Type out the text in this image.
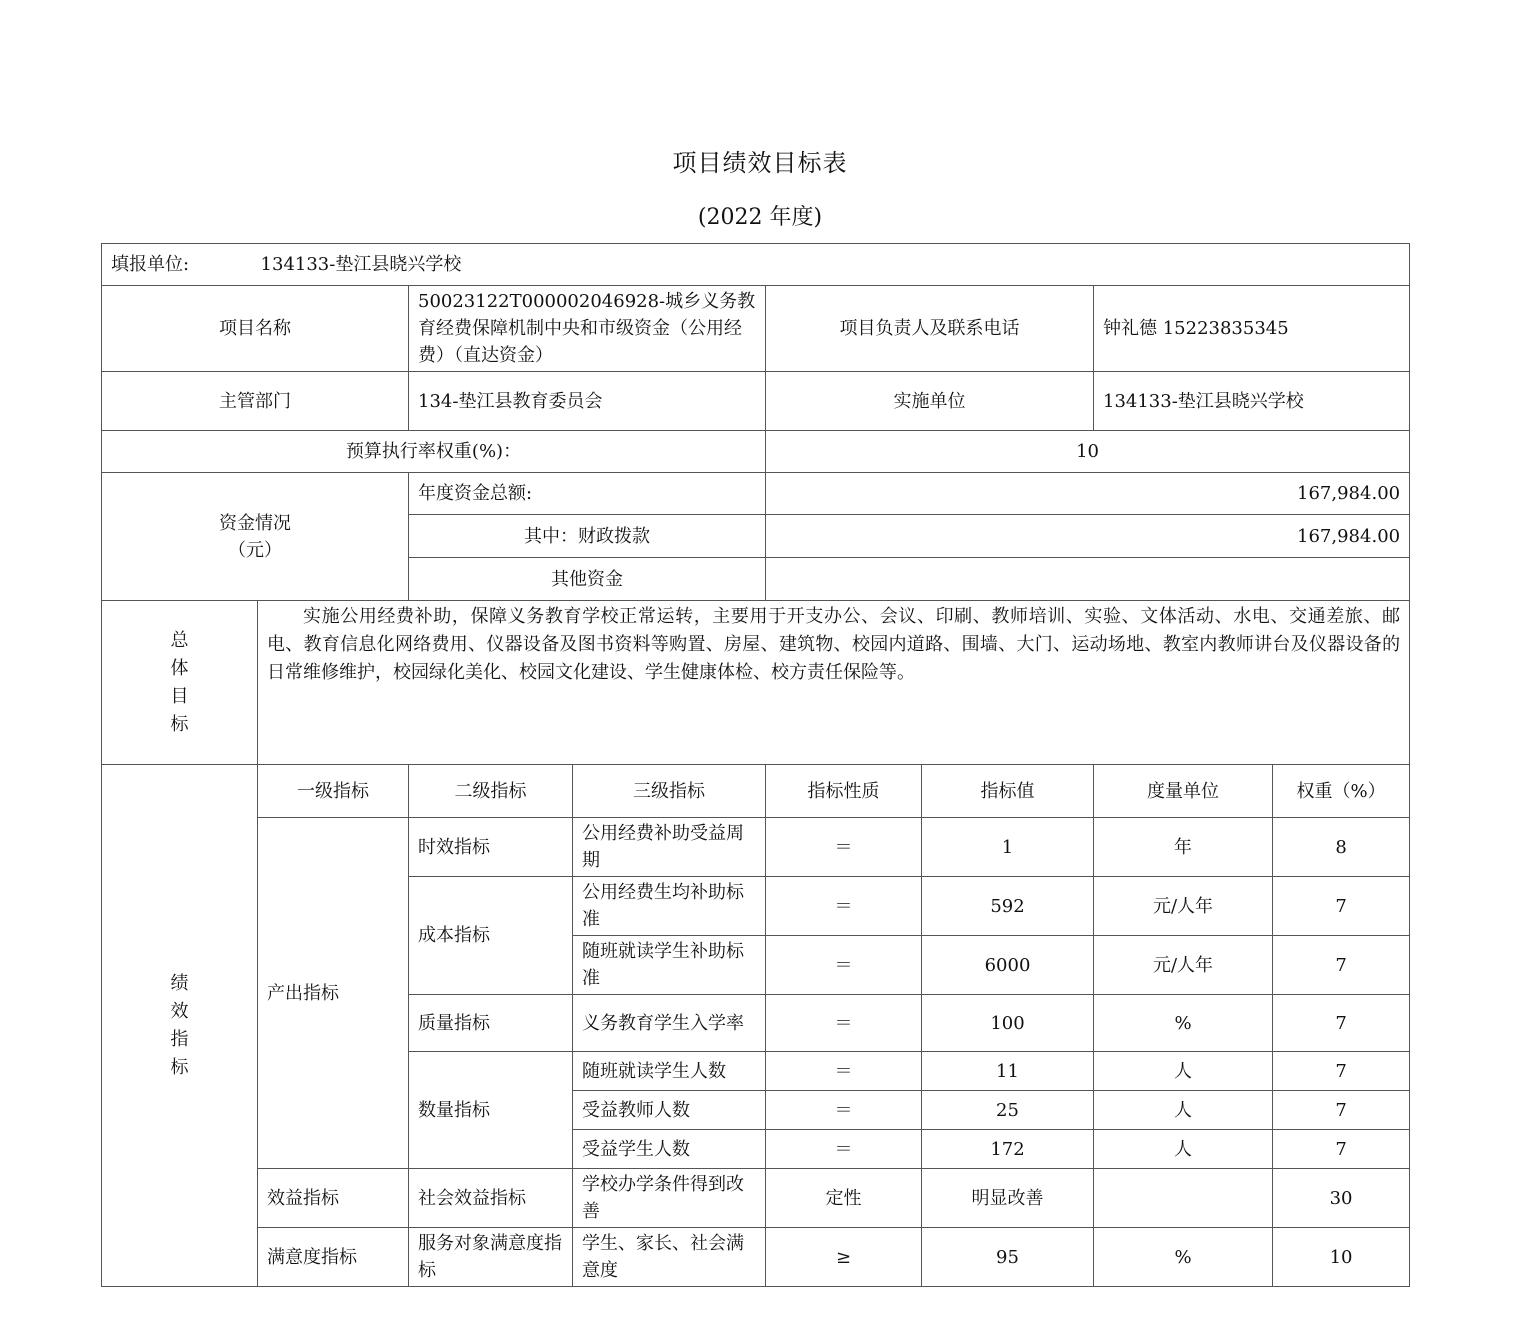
项目绩效目标表
(2022 年度)
填报单位: 134133-垫江县晓兴学校							
项目名称		50023122T000002046928-城乡义务教育经费保障机制中央和市级资金（公用经费）（直达资金）		项目负责人及联系电话		钟礼德 15223835345	
主管部门		134-垫江县教育委员会		实施单位		134133-垫江县晓兴学校	
预算执行率权重(%)：				10			

资金情况
（元）		年度资金总额:		167,984.00			
		其中：财政拨款		167,984.00			
		其他资金					

总
体
目
标	实施公用经费补助，保障义务教育学校正常运转，主要用于开支办公、会议、印刷、教师培训、实验、文体活动、水电、交通差旅、邮电、教育信息化网络费用、仪器设备及图书资料等购置、房屋、建筑物、校园内道路、围墙、大门、运动场地、教室内教师讲台及仪器设备的日常维修维护，校园绿化美化、校园文化建设、学生健康体检、校方责任保险等。						

绩
效
指
标	一级指标	二级指标	三级指标	指标性质	指标值	度量单位	权重（%）
	产出指标	时效指标	公用经费补助受益周期	＝	1	年	8
		成本指标	公用经费生均补助标准	＝	592	元/人年	7
			随班就读学生补助标准	＝	6000	元/人年	7
		质量指标	义务教育学生入学率	＝	100	%	7
		数量指标	随班就读学生人数	＝	11	人	7
			受益教师人数	＝	25	人	7
			受益学生人数	＝	172	人	7
	效益指标	社会效益指标	学校办学条件得到改善	定性	明显改善		30
	满意度指标	服务对象满意度指标	学生、家长、社会满意度	≥	95	%	10
